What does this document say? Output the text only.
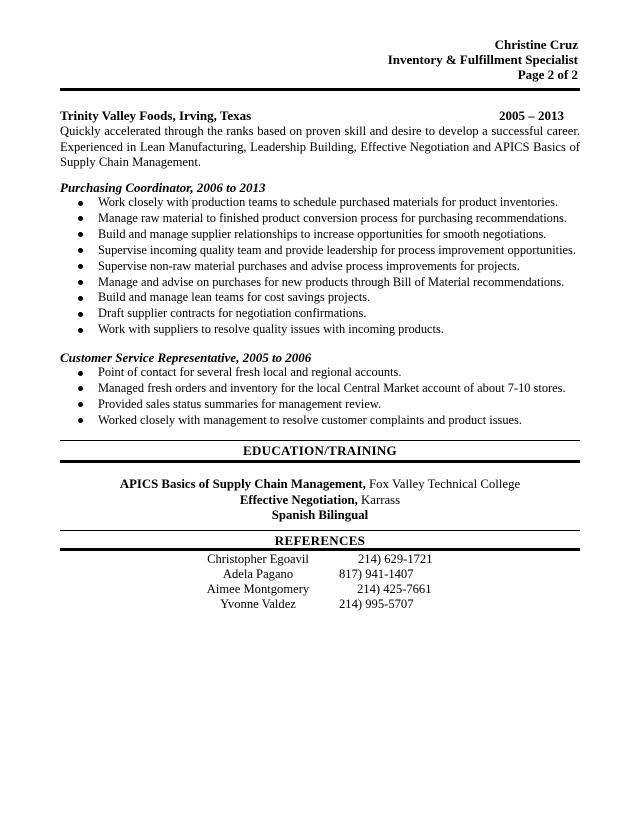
Christine Cruz
Inventory & Fulfillment Specialist
Page 2 of 2
Trinity Valley Foods, Irving, Texas	2005 – 2013
Quickly accelerated through the ranks based on proven skill and desire to develop a successful career. Experienced in Lean Manufacturing, Leadership Building, Effective Negotiation and APICS Basics of Supply Chain Management.
Purchasing Coordinator, 2006 to 2013
Work closely with production teams to schedule purchased materials for product inventories.
Manage raw material to finished product conversion process for purchasing recommendations.
Build and manage supplier relationships to increase opportunities for smooth negotiations.
Supervise incoming quality team and provide leadership for process improvement opportunities.
Supervise non-raw material purchases and advise process improvements for projects.
Manage and advise on purchases for new products through Bill of Material recommendations.
Build and manage lean teams for cost savings projects.
Draft supplier contracts for negotiation confirmations.
Work with suppliers to resolve quality issues with incoming products.
Customer Service Representative, 2005 to 2006
Point of contact for several fresh local and regional accounts.
Managed fresh orders and inventory for the local Central Market account of about 7-10 stores.
Provided sales status summaries for management review.
Worked closely with management to resolve customer complaints and product issues.
EDUCATION/TRAINING
APICS Basics of Supply Chain Management, Fox Valley Technical College
Effective Negotiation, Karrass
Spanish Bilingual
REFERENCES
Christopher Egoavil	214) 629-1721
Adela Pagano	817) 941-1407
Aimee Montgomery	214) 425-7661
Yvonne Valdez	214) 995-5707
